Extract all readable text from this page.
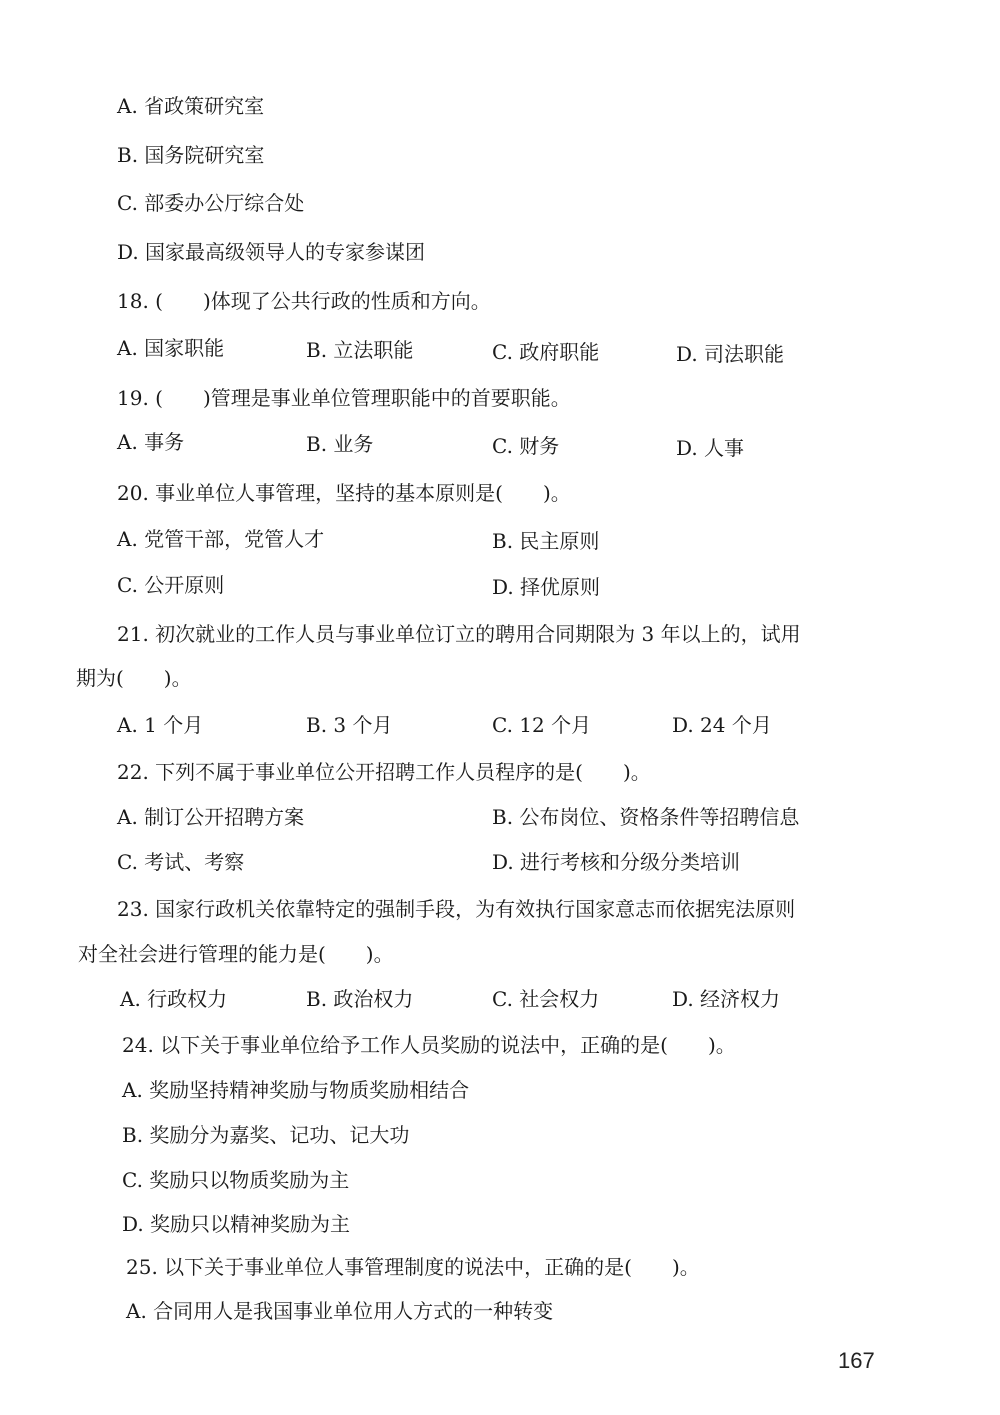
A. 省政策研究室
B. 国务院研究室
C. 部委办公厅综合处
D. 国家最高级领导人的专家参谋团
18. (　　)体现了公共行政的性质和方向。
A. 国家职能	B. 立法职能	C. 政府职能	D. 司法职能
19. (　　)管理是事业单位管理职能中的首要职能。
A. 事务	B. 业务	C. 财务	D. 人事
20. 事业单位人事管理，坚持的基本原则是(　　)。
A. 党管干部，党管人才	B. 民主原则
C. 公开原则	D. 择优原则
21. 初次就业的工作人员与事业单位订立的聘用合同期限为 3 年以上的，试用
期为(　　)。
A. 1 个月	B. 3 个月	C. 12 个月	D. 24 个月
22. 下列不属于事业单位公开招聘工作人员程序的是(　　)。
A. 制订公开招聘方案	B. 公布岗位、资格条件等招聘信息
C. 考试、考察	D. 进行考核和分级分类培训
23. 国家行政机关依靠特定的强制手段，为有效执行国家意志而依据宪法原则
对全社会进行管理的能力是(　　)。
A. 行政权力	B. 政治权力	C. 社会权力	D. 经济权力
24. 以下关于事业单位给予工作人员奖励的说法中，正确的是(　　)。
A. 奖励坚持精神奖励与物质奖励相结合
B. 奖励分为嘉奖、记功、记大功
C. 奖励只以物质奖励为主
D. 奖励只以精神奖励为主
25. 以下关于事业单位人事管理制度的说法中，正确的是(　　)。
A. 合同用人是我国事业单位用人方式的一种转变
167
